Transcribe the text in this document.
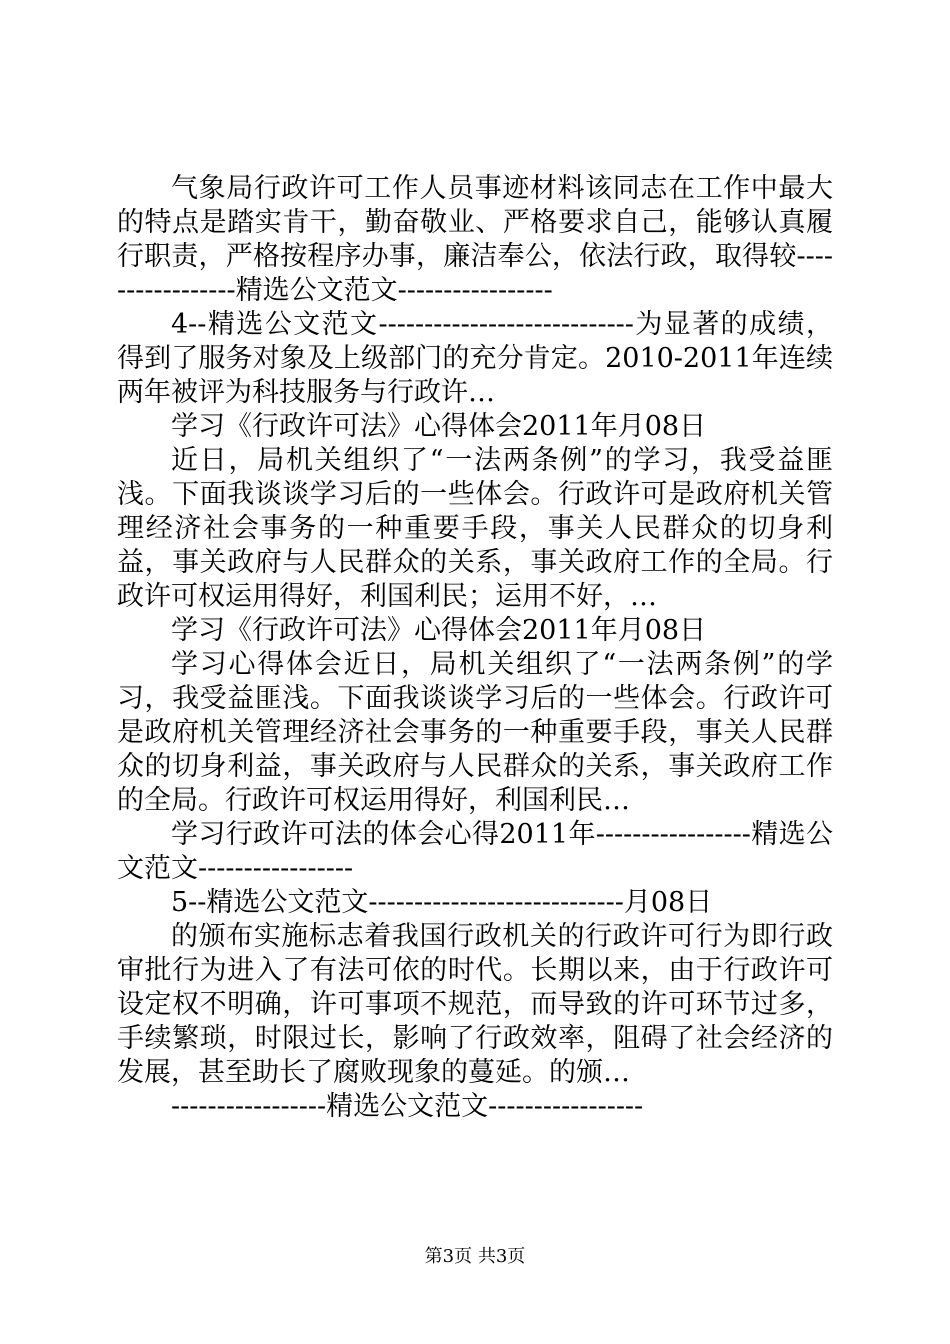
气象局行政许可工作人员事迹材料该同志在工作中最大的特点是踏实肯干，勤奋敬业、严格要求自己，能够认真履行职责，严格按程序办事，廉洁奉公，依法行政，取得较-----------------精选公文范文-----------------

4--精选公文范文----------------------------为显著的成绩，得到了服务对象及上级部门的充分肯定。2010-2011年连续两年被评为科技服务与行政许…

学习《行政许可法》心得体会2011年月08日

近日，局机关组织了“一法两条例”的学习，我受益匪浅。下面我谈谈学习后的一些体会。行政许可是政府机关管理经济社会事务的一种重要手段，事关人民群众的切身利益，事关政府与人民群众的关系，事关政府工作的全局。行政许可权运用得好，利国利民；运用不好，…

学习《行政许可法》心得体会2011年月08日

学习心得体会近日，局机关组织了“一法两条例”的学习，我受益匪浅。下面我谈谈学习后的一些体会。行政许可是政府机关管理经济社会事务的一种重要手段，事关人民群众的切身利益，事关政府与人民群众的关系，事关政府工作的全局。行政许可权运用得好，利国利民…

学习行政许可法的体会心得2011年-----------------精选公文范文-----------------

5--精选公文范文----------------------------月08日

的颁布实施标志着我国行政机关的行政许可行为即行政审批行为进入了有法可依的时代。长期以来，由于行政许可设定权不明确，许可事项不规范，而导致的许可环节过多，手续繁琐，时限过长，影响了行政效率，阻碍了社会经济的发展，甚至助长了腐败现象的蔓延。的颁…

-----------------精选公文范文-----------------

第3页 共3页
